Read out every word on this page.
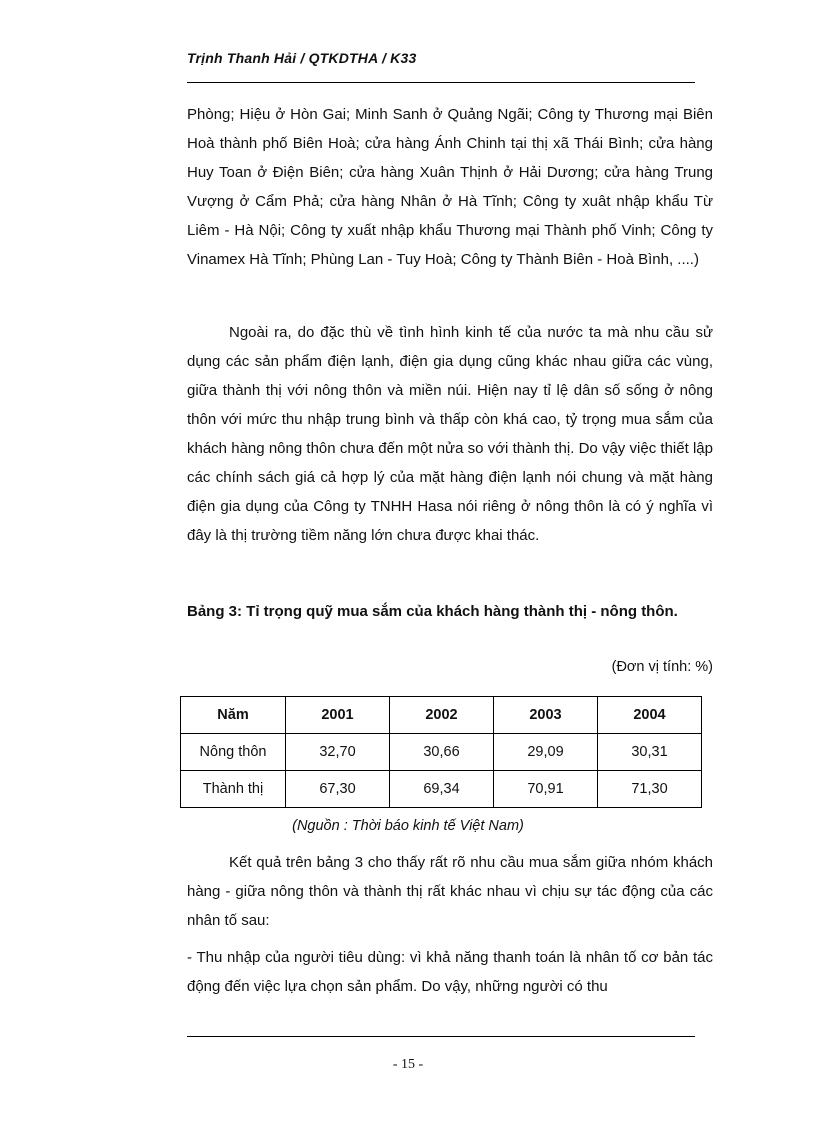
Trịnh Thanh Hải / QTKDTHA / K33

Phòng; Hiệu ở Hòn Gai; Minh Sanh ở Quảng Ngãi; Công ty Thương mại Biên Hoà thành phố Biên Hoà; cửa hàng Ánh Chinh tại thị xã Thái Bình; cửa hàng Huy Toan ở Điện Biên; cửa hàng Xuân Thịnh ở Hải Dương; cửa hàng Trung Vượng ở Cẩm Phả; cửa hàng Nhân ở Hà Tĩnh; Công ty xuât nhập khẩu Từ Liêm - Hà Nội; Công ty xuất nhập khẩu Thương mại Thành phố Vinh; Công ty Vinamex Hà Tĩnh; Phùng Lan - Tuy Hoà; Công ty Thành Biên - Hoà Bình, ....)

Ngoài ra, do đặc thù về tình hình kinh tế của nước ta mà nhu cầu sử dụng các sản phẩm điện lạnh, điện gia dụng cũng khác nhau giữa các vùng, giữa thành thị với nông thôn và miền núi. Hiện nay tỉ lệ dân số sống ở nông thôn với mức thu nhập trung bình và thấp còn khá cao, tỷ trọng mua sắm của khách hàng nông thôn chưa đến một nửa so với thành thị. Do vậy việc thiết lập các chính sách giá cả hợp lý của mặt hàng điện lạnh nói chung và mặt hàng điện gia dụng của Công ty TNHH Hasa nói riêng ở nông thôn là có ý nghĩa vì đây là thị trường tiềm năng lớn chưa được khai thác.

Bảng 3: Tỉ trọng quỹ mua sắm của khách hàng thành thị - nông thôn.

(Đơn vị tính: %)
Năm	2001	2002	2003	2004
Nông thôn	32,70	30,66	29,09	30,31
Thành thị	67,30	69,34	70,91	71,30
(Nguồn : Thời báo kinh tế Việt Nam)

Kết quả trên bảng 3 cho thấy rất rõ nhu cầu mua sắm giữa nhóm khách hàng - giữa nông thôn và thành thị rất khác nhau vì chịu sự tác động của các nhân tố sau:

- Thu nhập của người tiêu dùng: vì khả năng thanh toán là nhân tố cơ bản tác động đến việc lựa chọn sản phẩm. Do vậy, những người có thu

- 15 -
